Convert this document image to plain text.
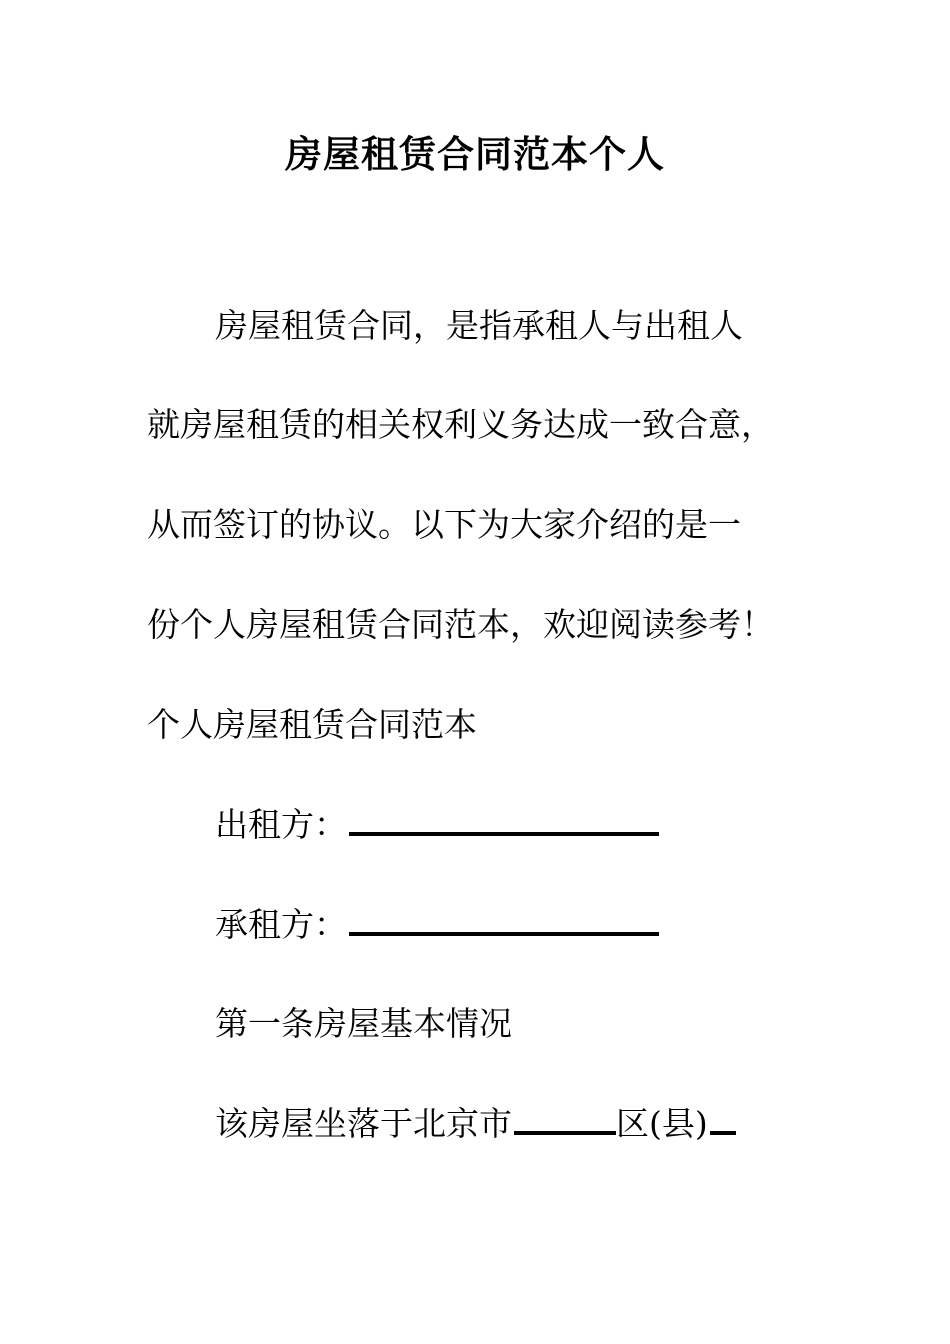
房屋租赁合同范本个人

房屋租赁合同，是指承租人与出租人

就房屋租赁的相关权利义务达成一致合意，

从而签订的协议。以下为大家介绍的是一

份个人房屋租赁合同范本，欢迎阅读参考！

个人房屋租赁合同范本

出租方：

承租方：

第一条房屋基本情况

该房屋坐落于北京市	区(县)
